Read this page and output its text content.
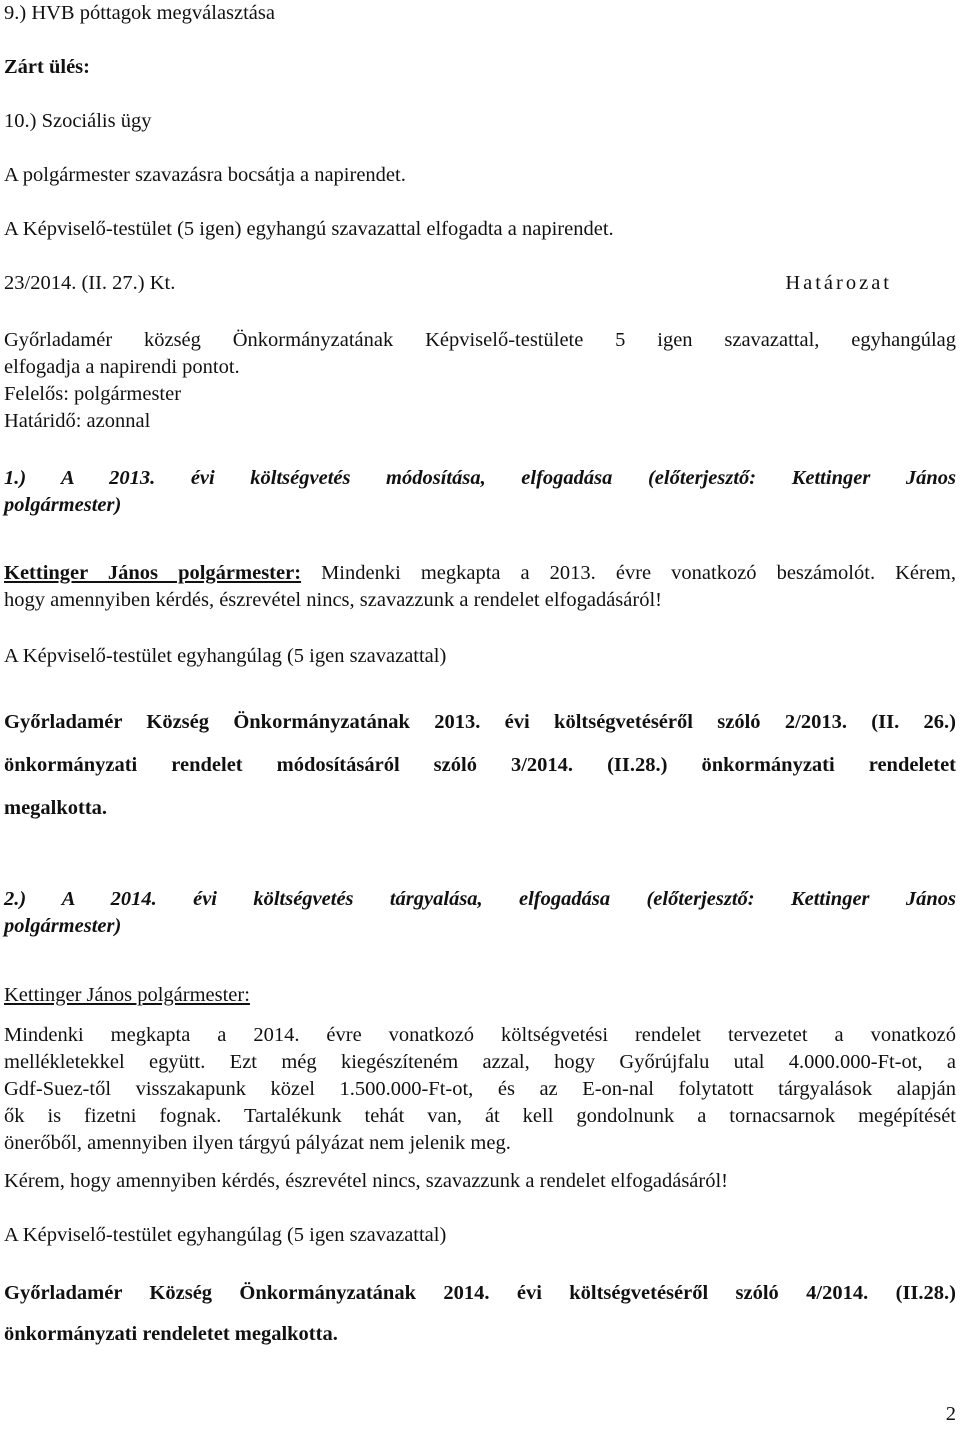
9.) HVB póttagok megválasztása
Zárt ülés:
10.) Szociális ügy
A polgármester szavazásra bocsátja a napirendet.
A Képviselő-testület (5 igen) egyhangú szavazattal elfogadta a napirendet.
23/2014. (II. 27.) Kt.	Határozat
Győrladamér község Önkormányzatának Képviselő-testülete 5 igen szavazattal, egyhangúlag
elfogadja a napirendi pontot.
Felelős: polgármester
Határidő: azonnal
1.) A 2013. évi költségvetés módosítása, elfogadása (előterjesztő: Kettinger János
polgármester)
Kettinger János polgármester: Mindenki megkapta a 2013. évre vonatkozó beszámolót. Kérem,
hogy amennyiben kérdés, észrevétel nincs, szavazzunk a rendelet elfogadásáról!
A Képviselő-testület egyhangúlag (5 igen szavazattal)
Győrladamér Község Önkormányzatának 2013. évi költségvetéséről szóló 2/2013. (II. 26.)
önkormányzati rendelet módosításáról szóló 3/2014. (II.28.) önkormányzati rendeletet
megalkotta.
2.) A 2014. évi költségvetés tárgyalása, elfogadása (előterjesztő: Kettinger János
polgármester)
Kettinger János polgármester:
Mindenki megkapta a 2014. évre vonatkozó költségvetési rendelet tervezetet a vonatkozó
mellékletekkel együtt. Ezt még kiegészíteném azzal, hogy Győrújfalu utal 4.000.000-Ft-ot, a
Gdf-Suez-től visszakapunk közel 1.500.000-Ft-ot, és az E-on-nal folytatott tárgyalások alapján
ők is fizetni fognak. Tartalékunk tehát van, át kell gondolnunk a tornacsarnok megépítését
önerőből, amennyiben ilyen tárgyú pályázat nem jelenik meg.
Kérem, hogy amennyiben kérdés, észrevétel nincs, szavazzunk a rendelet elfogadásáról!
A Képviselő-testület egyhangúlag (5 igen szavazattal)
Győrladamér Község Önkormányzatának 2014. évi költségvetéséről szóló 4/2014. (II.28.)
önkormányzati rendeletet megalkotta.
2
